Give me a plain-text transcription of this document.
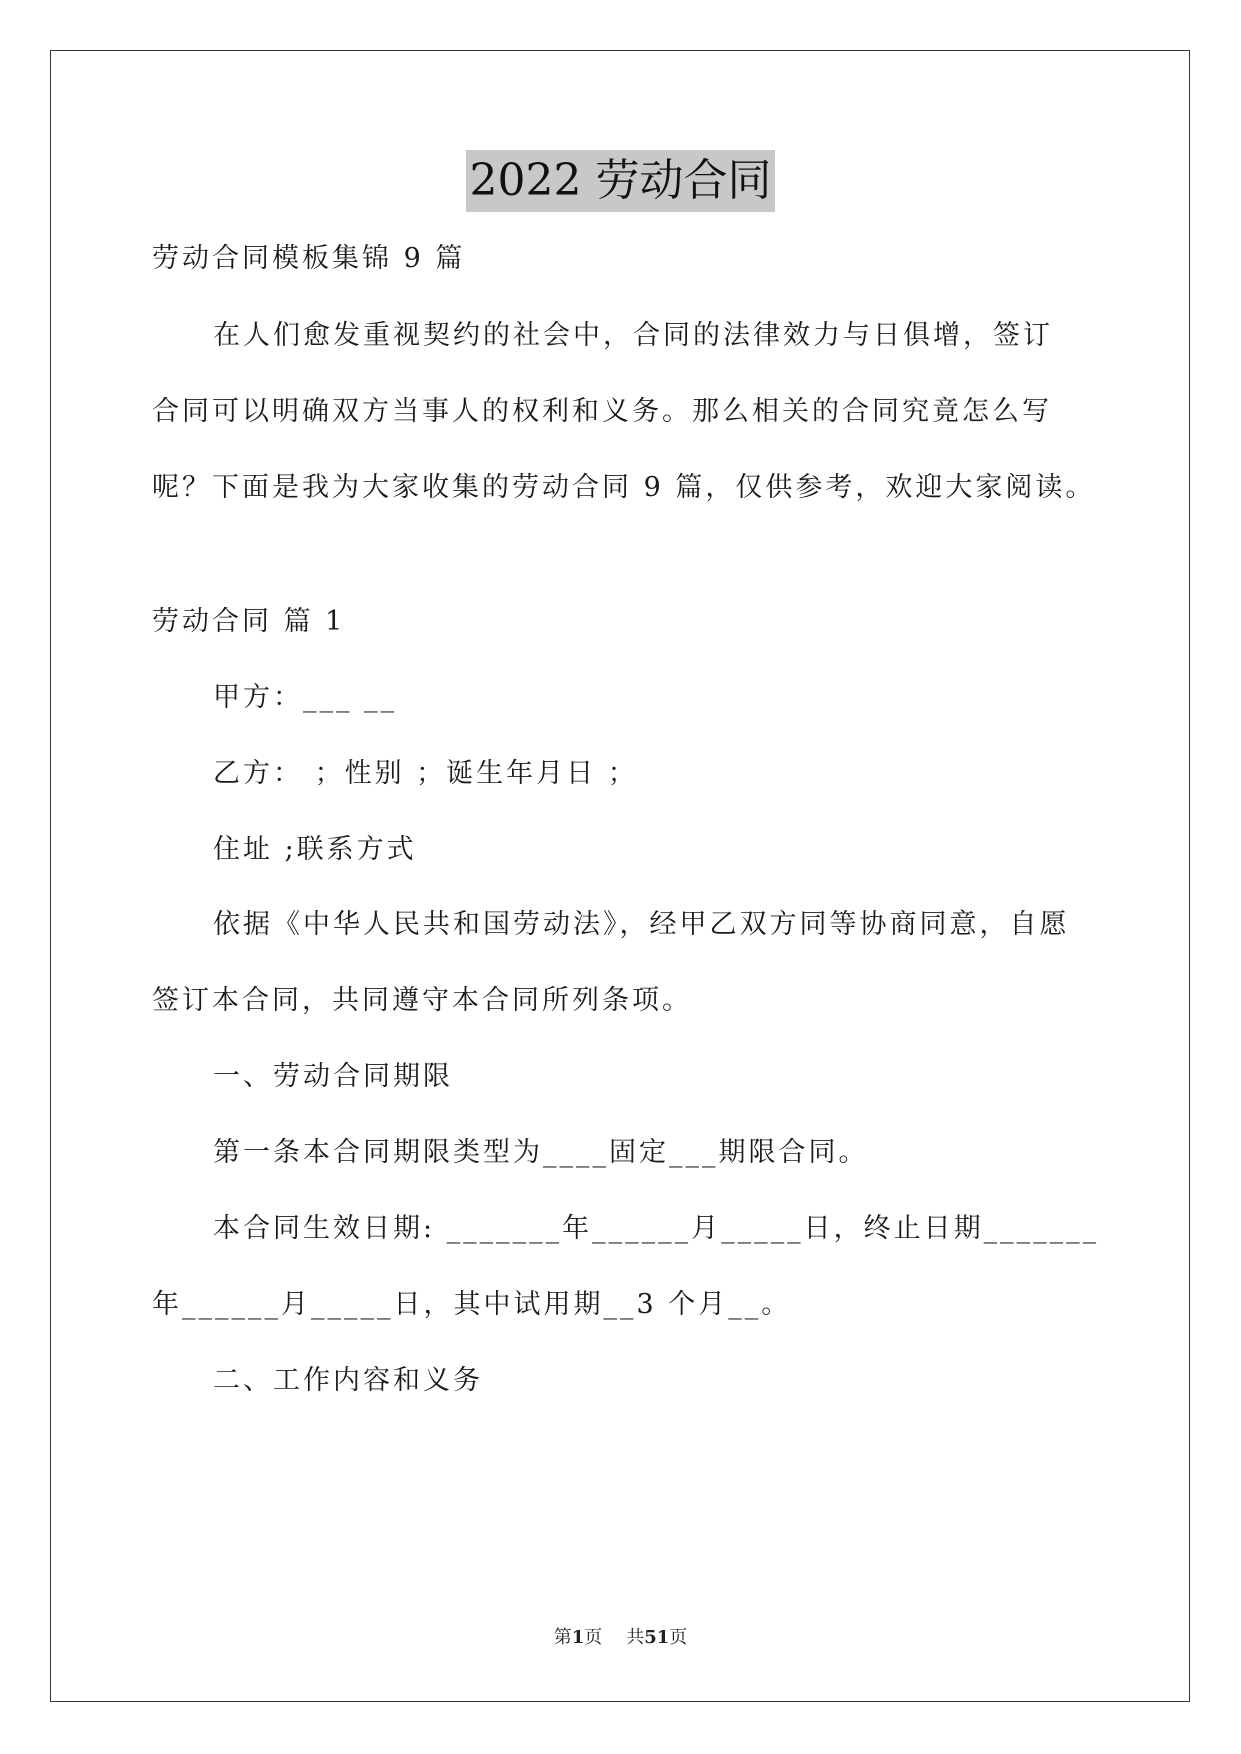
2022 劳动合同
劳动合同模板集锦 9 篇
在人们愈发重视契约的社会中，合同的法律效力与日俱增，签订
合同可以明确双方当事人的权利和义务。那么相关的合同究竟怎么写
呢？下面是我为大家收集的劳动合同 9 篇，仅供参考，欢迎大家阅读。
劳动合同 篇 1
甲方：___ __
乙方： ；性别 ；诞生年月日 ；
住址 ;联系方式
依据《中华人民共和国劳动法》，经甲乙双方同等协商同意，自愿
签订本合同，共同遵守本合同所列条项。
一、劳动合同期限
第一条本合同期限类型为____固定___期限合同。
本合同生效日期: _______年______月_____日，终止日期_______
年______月_____日，其中试用期__3 个月__。
二、工作内容和义务
第1页 共51页
